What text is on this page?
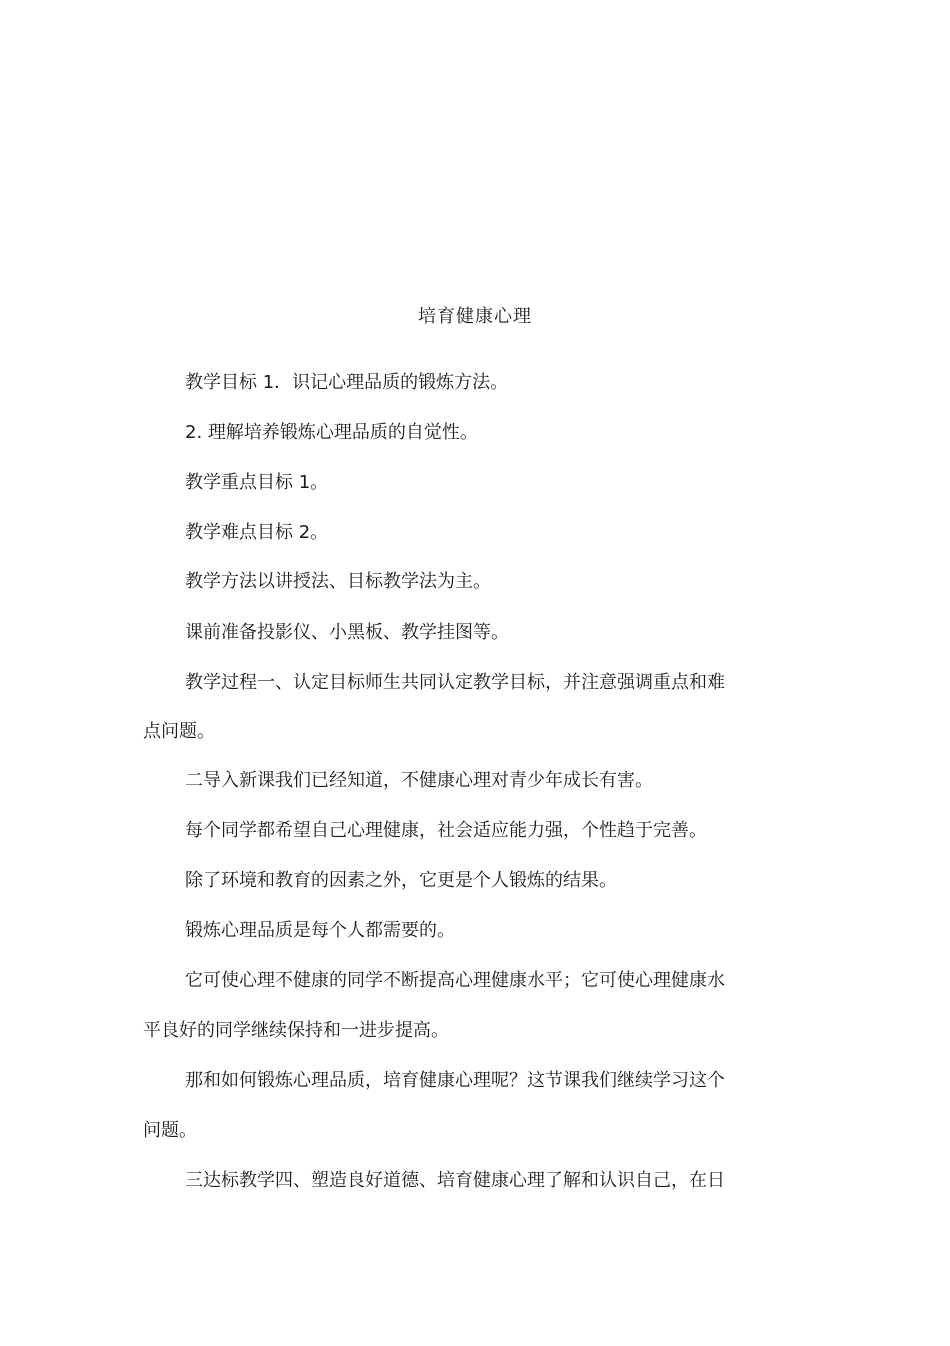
培育健康心理

教学目标 1．识记心理品质的锻炼方法。

2. 理解培养锻炼心理品质的自觉性。

教学重点目标 1。

教学难点目标 2。

教学方法以讲授法、目标教学法为主。

课前准备投影仪、小黑板、教学挂图等。

教学过程一、认定目标师生共同认定教学目标，并注意强调重点和难

点问题。

二导入新课我们已经知道，不健康心理对青少年成长有害。

每个同学都希望自己心理健康，社会适应能力强，个性趋于完善。

除了环境和教育的因素之外，它更是个人锻炼的结果。

锻炼心理品质是每个人都需要的。

它可使心理不健康的同学不断提高心理健康水平；它可使心理健康水

平良好的同学继续保持和一进步提高。

那和如何锻炼心理品质，培育健康心理呢？这节课我们继续学习这个

问题。

三达标教学四、塑造良好道德、培育健康心理了解和认识自己，在日
